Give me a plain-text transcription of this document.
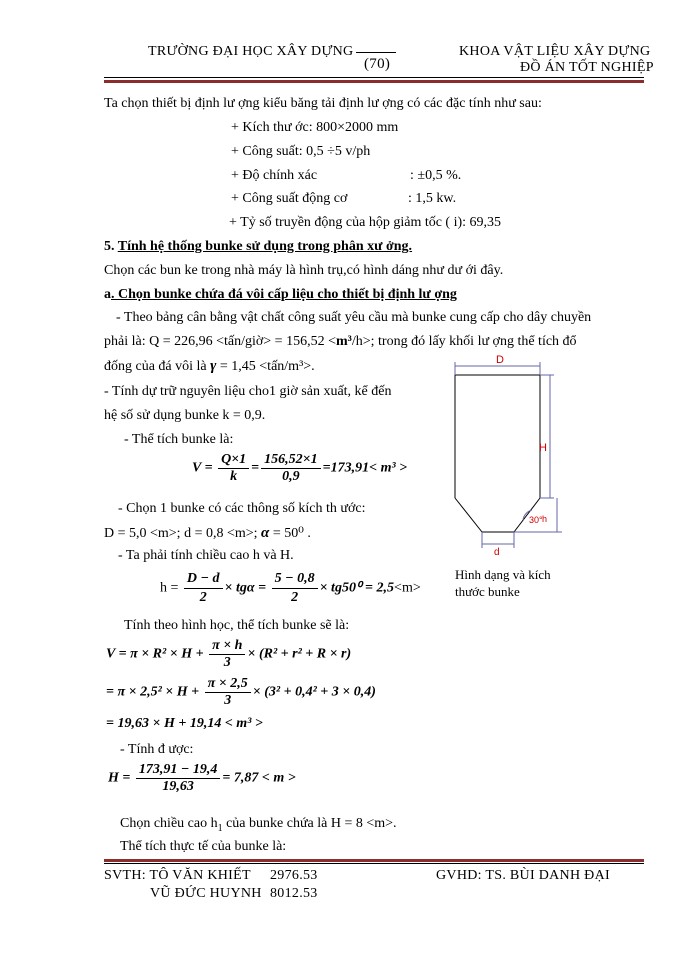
TRƯỜNG ĐẠI HỌC XÂY DỰNG
(70)
KHOA VẬT LIỆU XÂY DỰNG
ĐỒ ÁN TỐT NGHIỆP
Ta chọn thiết bị định lư ợng kiểu băng tải định lư ợng có các đặc tính như sau:
+ Kích thư ớc: 800×2000 mm
+ Công suất: 0,5 ÷5 v/ph
+ Độ chính xác	: ±0,5 %.
+ Công suất động cơ	: 1,5 kw.
+ Tỷ số truyền động của hộp giảm tốc ( i): 69,35
5. Tính hệ thống bunke sử dụng trong phân xư ởng.
Chọn các bun ke trong nhà máy là hình trụ,có hình dáng như dư ới đây.
a. Chọn bunke chứa đá vôi cấp liệu cho thiết bị định lư ợng
- Theo bảng cân bằng vật chất công suất yêu cầu mà bunke cung cấp cho dây chuyền
phải là: Q = 226,96 <tấn/giờ> = 156,52 <m³/h>; trong đó lấy khối lư ợng thể tích đổ
đống của đá vôi là γ = 1,45 <tấn/m³>.
- Tính dự trữ nguyên liệu cho1 giờ sản xuất, kể đến
hệ số sử dụng bunke k = 0,9.
- Thể tích bunke là:
$V = \frac{Q\times 1}{k} = \frac{156,52\times 1}{0,9} =173,91< m^3$ >
- Chọn 1 bunke có các thông số kích th ước:
D = 5,0 <m>; d = 0,8 <m>; α = 50⁰ .
- Ta phải tính chiều cao h và H.
$h = \frac{D - d}{2} \times tg\alpha = \frac{5 - 0,8}{2} \times tg50^0 = 2,5<m>$
Tính theo hình học, thể tích bunke sẽ là:
$V = \pi \times R^2 \times H + \frac{\pi \times h}{3} \times (R^2 + r^2 + R \times r)$
= $\pi \times 2,5^2 \times H + \frac{\pi \times 2,5}{3} \times (3^2 + 0,4^2 + 3 \times 0,4)$
= 19,63 × H + 19,14 < m³ >
- Tính đ ược:
$H = \frac{173,91 - 19,4}{19,63} = 7,87 < m$ >
Chọn chiều cao $h_1$ của bunke chứa là H = 8 <m>.
Thể tích thực tế của bunke là:
D
H
h
30°
d
Hình dạng và kích
thước bunke
SVTH: TÔ VĂN KHIẾT 2976.53	GVHD: TS. BÙI DANH ĐẠI
VŨ ĐỨC HUYNH 8012.53
